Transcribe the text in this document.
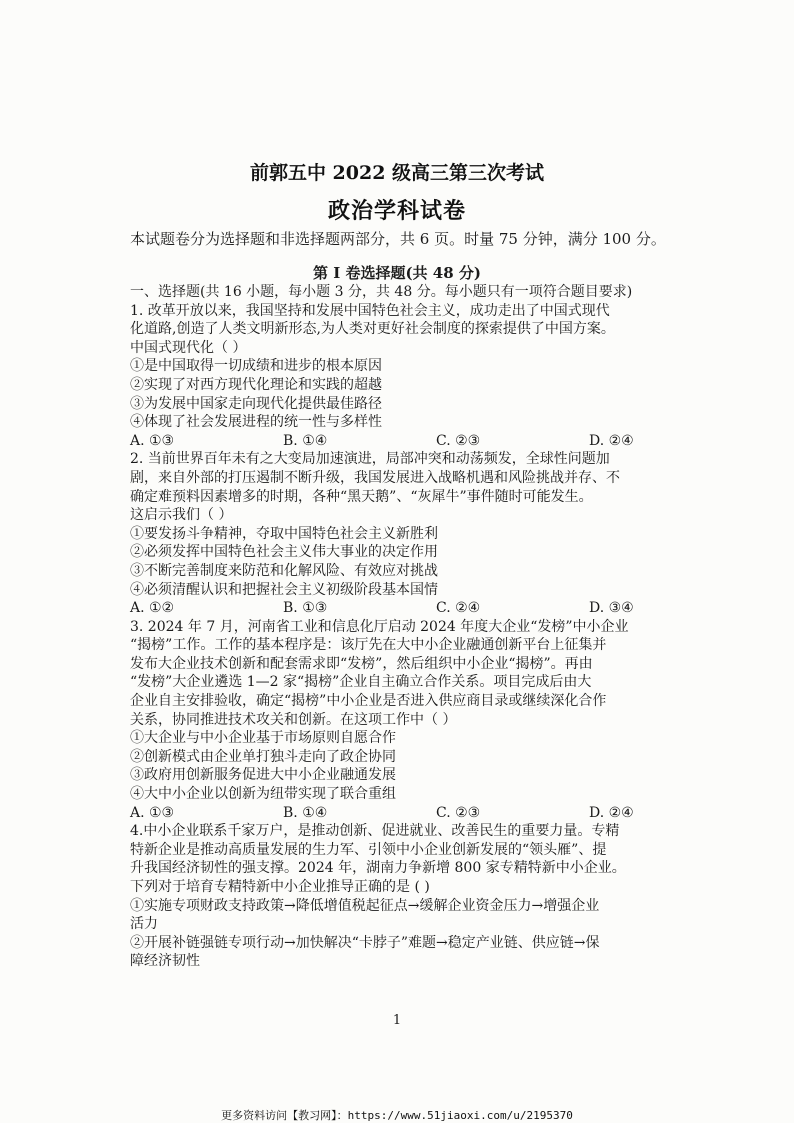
前郭五中 2022 级高三第三次考试
政治学科试卷
本试题卷分为选择题和非选择题两部分，共 6 页。时量 75 分钟，满分 100 分。
第 I 卷选择题(共 48 分)
一、选择题(共 16 小题，每小题 3 分，共 48 分。每小题只有一项符合题目要求)
1. 改革开放以来，我国坚持和发展中国特色社会主义，成功走出了中国式现代
化道路,创造了人类文明新形态,为人类对更好社会制度的探索提供了中国方案。
中国式现代化（ ）
①是中国取得一切成绩和进步的根本原因
②实现了对西方现代化理论和实践的超越
③为发展中国家走向现代化提供最佳路径
④体现了社会发展进程的统一性与多样性
A. ①③	B. ①④	C. ②③	D. ②④
2. 当前世界百年未有之大变局加速演进，局部冲突和动荡频发，全球性问题加
剧，来自外部的打压遏制不断升级，我国发展进入战略机遇和风险挑战并存、不
确定难预料因素增多的时期，各种“黑天鹅”、“灰犀牛”事件随时可能发生。
这启示我们（ ）
①要发扬斗争精神，夺取中国特色社会主义新胜利
②必须发挥中国特色社会主义伟大事业的决定作用
③不断完善制度来防范和化解风险、有效应对挑战
④必须清醒认识和把握社会主义初级阶段基本国情
A. ①②	B. ①③	C. ②④	D. ③④
3. 2024 年 7 月，河南省工业和信息化厅启动 2024 年度大企业“发榜”中小企业
“揭榜”工作。工作的基本程序是：该厅先在大中小企业融通创新平台上征集并
发布大企业技术创新和配套需求即“发榜”，然后组织中小企业“揭榜”。再由
“发榜”大企业遴选 1—2 家“揭榜”企业自主确立合作关系。项目完成后由大
企业自主安排验收，确定“揭榜”中小企业是否进入供应商目录或继续深化合作
关系，协同推进技术攻关和创新。在这项工作中（ ）
①大企业与中小企业基于市场原则自愿合作
②创新模式由企业单打独斗走向了政企协同
③政府用创新服务促进大中小企业融通发展
④大中小企业以创新为纽带实现了联合重组
A. ①③	B. ①④	C. ②③	D. ②④
4.中小企业联系千家万户，是推动创新、促进就业、改善民生的重要力量。专精
特新企业是推动高质量发展的生力军、引领中小企业创新发展的“领头雁”、提
升我国经济韧性的强支撑。2024 年，湖南力争新增 800 家专精特新中小企业。
下列对于培育专精特新中小企业推导正确的是 ( )
①实施专项财政支持政策→降低增值税起征点→缓解企业资金压力→增强企业
活力
②开展补链强链专项行动→加快解决“卡脖子”难题→稳定产业链、供应链→保
障经济韧性
1
更多资料访问【教习网】：https://www.51jiaoxi.com/u/2195370
